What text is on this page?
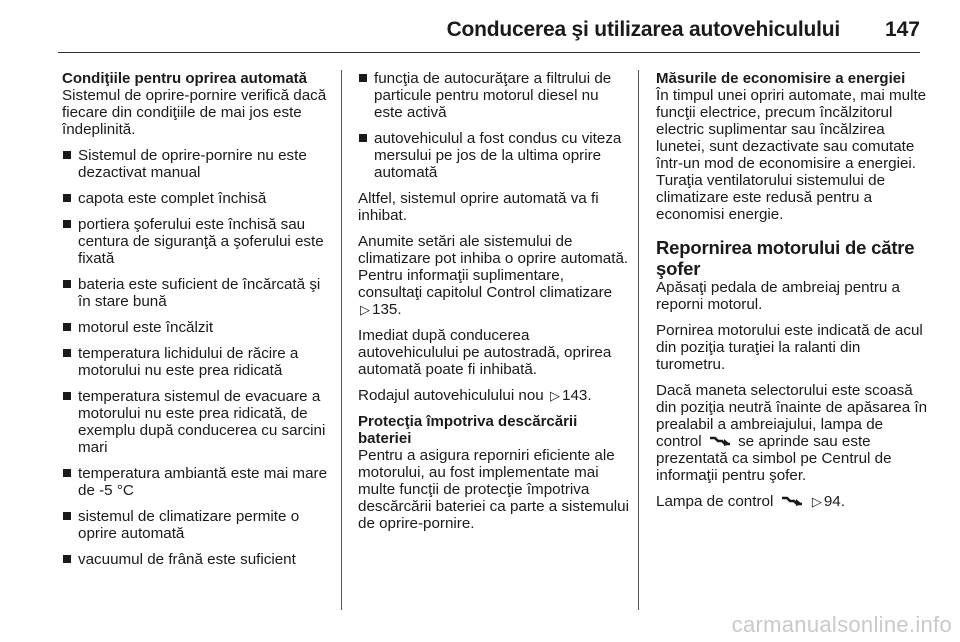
Conducerea şi utilizarea autovehiculului 147
Condiţiile pentru oprirea automată

Sistemul de oprire-pornire verifică dacă fiecare din condiţiile de mai jos este îndeplinită.

Sistemul de oprire-pornire nu este dezactivat manual
capota este complet închisă
portiera şoferului este închisă sau centura de siguranţă a şoferului este fixată
bateria este suficient de încărcată şi în stare bună
motorul este încălzit
temperatura lichidului de răcire a motorului nu este prea ridicată
temperatura sistemul de evacuare a motorului nu este prea ridicată, de exemplu după conducerea cu sarcini mari
temperatura ambiantă este mai mare de -5 °C
sistemul de climatizare permite o oprire automată
vacuumul de frână este suficient
funcţia de autocurăţare a filtrului de particule pentru motorul diesel nu este activă
autovehiculul a fost condus cu viteza mersului pe jos de la ultima oprire automată

Altfel, sistemul oprire automată va fi inhibat.

Anumite setări ale sistemului de climatizare pot inhiba o oprire automată. Pentru informaţii suplimentare, consultaţi capitolul Control climatizare ▷ 135.

Imediat după conducerea autovehiculului pe autostradă, oprirea automată poate fi inhibată.

Rodajul autovehiculului nou ▷ 143.

Protecţia împotriva descărcării bateriei

Pentru a asigura reporniri eficiente ale motorului, au fost implementate mai multe funcţii de protecţie împotriva descărcării bateriei ca parte a sistemului de oprire-pornire.

Măsurile de economisire a energiei

În timpul unei opriri automate, mai multe funcţii electrice, precum încălzitorul electric suplimentar sau încălzirea lunetei, sunt dezactivate sau comutate într-un mod de economisire a energiei. Turaţia ventilatorului sistemului de climatizare este redusă pentru a economisi energie.

Repornirea motorului de către şofer

Apăsaţi pedala de ambreiaj pentru a reporni motorul.

Pornirea motorului este indicată de acul din poziţia turaţiei la ralanti din turometru.

Dacă maneta selectorului este scoasă din poziţia neutră înainte de apăsarea în prealabil a ambreiajului, lampa de control se aprinde sau este prezentată ca simbol pe Centrul de informaţii pentru şofer.

Lampa de control	▷ 94.

carmanualsonline.info
